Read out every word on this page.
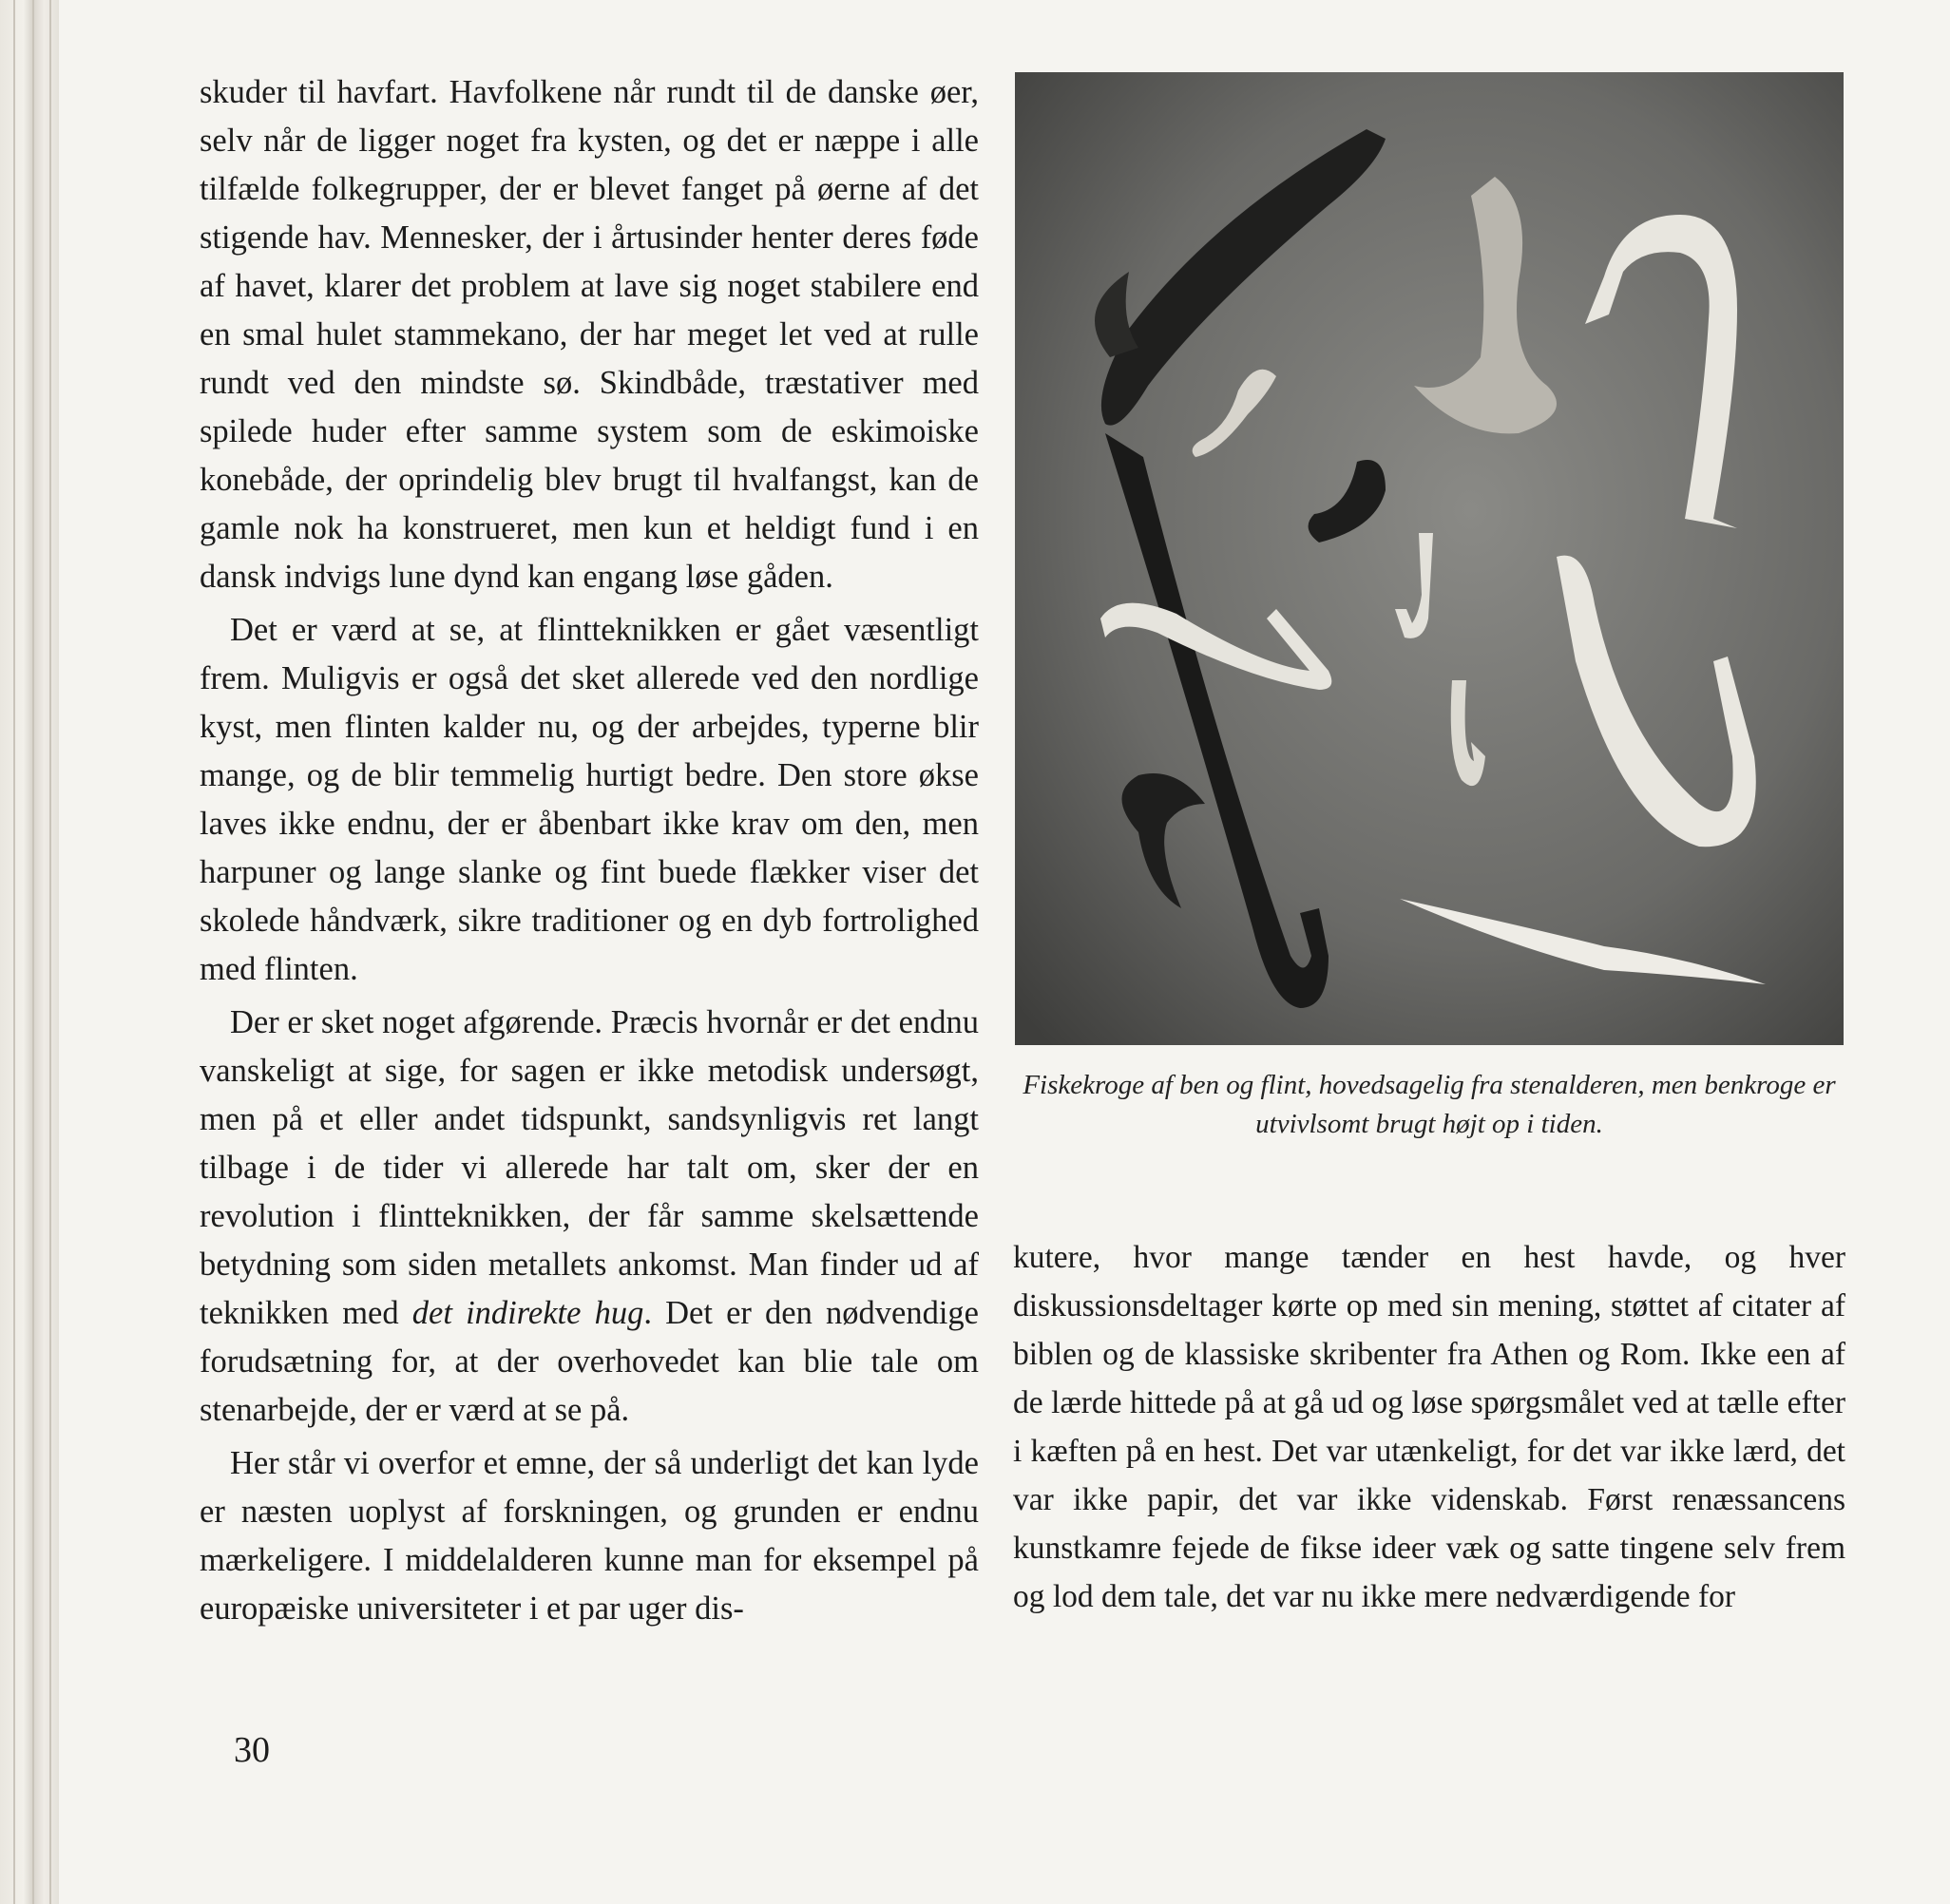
skuder til havfart. Havfolkene når rundt til de danske øer, selv når de ligger noget fra kysten, og det er næppe i alle tilfælde folkegrupper, der er blevet fanget på øerne af det stigende hav. Mennesker, der i årtusinder henter deres føde af havet, klarer det problem at lave sig noget stabilere end en smal hulet stammekano, der har meget let ved at rulle rundt ved den mindste sø. Skindbåde, træstativer med spilede huder efter samme system som de eskimoiske konebåde, der oprindelig blev brugt til hvalfangst, kan de gamle nok ha konstrueret, men kun et heldigt fund i en dansk indvigs lune dynd kan engang løse gåden.

Det er værd at se, at flintteknikken er gået væsentligt frem. Muligvis er også det sket allerede ved den nordlige kyst, men flinten kalder nu, og der arbejdes, typerne blir mange, og de blir temmelig hurtigt bedre. Den store økse laves ikke endnu, der er åbenbart ikke krav om den, men harpuner og lange slanke og fint buede flækker viser det skolede håndværk, sikre traditioner og en dyb fortrolighed med flinten.

Der er sket noget afgørende. Præcis hvornår er det endnu vanskeligt at sige, for sagen er ikke metodisk undersøgt, men på et eller andet tidspunkt, sandsynligvis ret langt tilbage i de tider vi allerede har talt om, sker der en revolution i flintteknikken, der får samme skelsættende betydning som siden metallets ankomst. Man finder ud af teknikken med det indirekte hug. Det er den nødvendige forudsætning for, at der overhovedet kan blie tale om stenarbejde, der er værd at se på.

Her står vi overfor et emne, der så underligt det kan lyde er næsten uoplyst af forskningen, og grunden er endnu mærkeligere. I middelalderen kunne man for eksempel på europæiske universiteter i et par uger dis-

Fiskekroge af ben og flint, hovedsagelig fra stenalderen, men benkroge er utvivlsomt brugt højt op i tiden.

kutere, hvor mange tænder en hest havde, og hver diskussionsdeltager kørte op med sin mening, støttet af citater af biblen og de klassiske skribenter fra Athen og Rom. Ikke een af de lærde hittede på at gå ud og løse spørgsmålet ved at tælle efter i kæften på en hest. Det var utænkeligt, for det var ikke lærd, det var ikke papir, det var ikke videnskab. Først renæssancens kunstkamre fejede de fikse ideer væk og satte tingene selv frem og lod dem tale, det var nu ikke mere nedværdigende for

30
